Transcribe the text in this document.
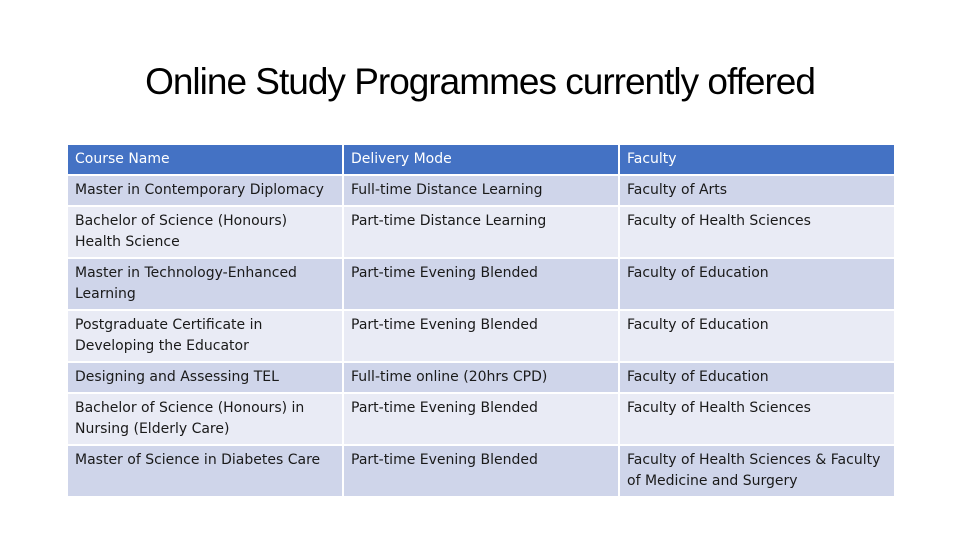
Online Study Programmes currently offered
Course Name	Delivery Mode	Faculty
Master in Contemporary Diplomacy	Full-time Distance Learning	Faculty of Arts
Bachelor of Science (Honours) Health Science	Part-time Distance Learning	Faculty of Health Sciences
Master in Technology-Enhanced Learning	Part-time Evening Blended	Faculty of Education
Postgraduate Certificate in Developing the Educator	Part-time Evening Blended	Faculty of Education
Designing and Assessing TEL	Full-time online (20hrs CPD)	Faculty of Education
Bachelor of Science (Honours) in Nursing (Elderly Care)	Part-time Evening Blended	Faculty of Health Sciences
Master of Science in Diabetes Care	Part-time Evening Blended	Faculty of Health Sciences & Faculty of Medicine and Surgery
